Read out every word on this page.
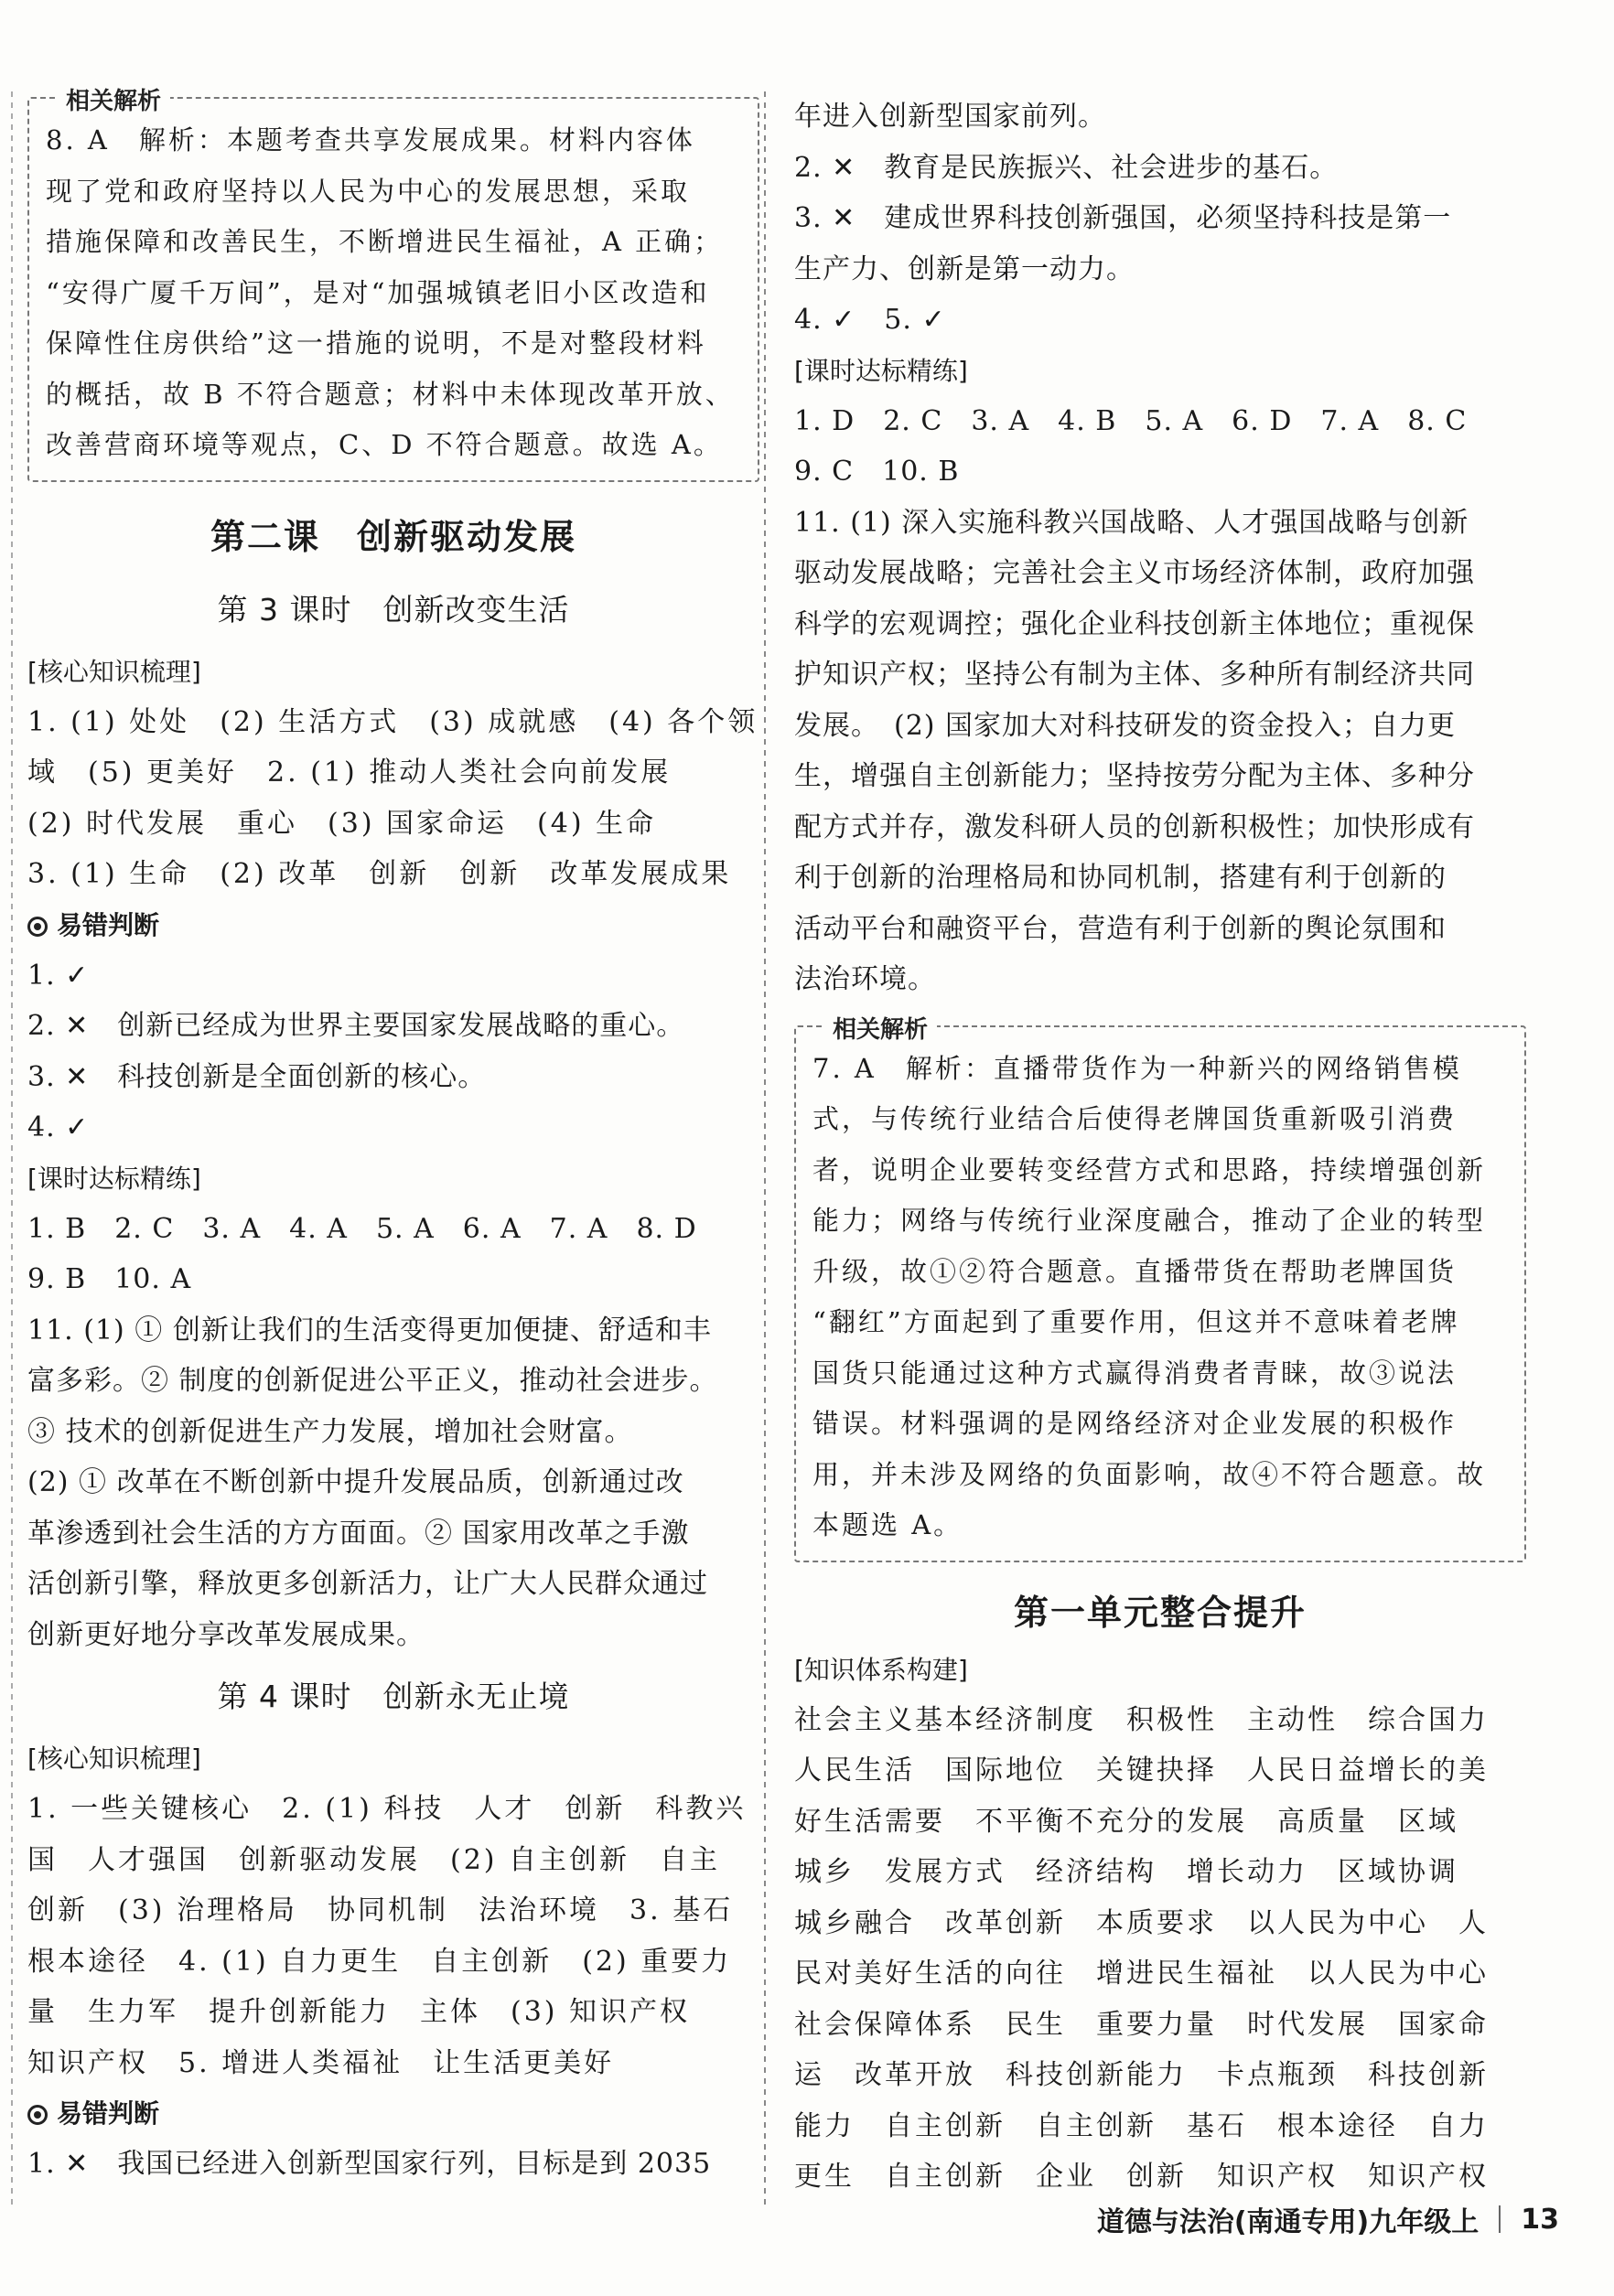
相关解析
8. A　解析：本题考查共享发展成果。材料内容体
现了党和政府坚持以人民为中心的发展思想，采取
措施保障和改善民生，不断增进民生福祉，A 正确；
“安得广厦千万间”，是对“加强城镇老旧小区改造和
保障性住房供给”这一措施的说明，不是对整段材料
的概括，故 B 不符合题意；材料中未体现改革开放、
改善营商环境等观点，C、D 不符合题意。故选 A。
第二课　创新驱动发展
第 3 课时　创新改变生活
[核心知识梳理]
1. (1) 处处　(2) 生活方式　(3) 成就感　(4) 各个领
域　(5) 更美好　2. (1) 推动人类社会向前发展
(2) 时代发展　重心　(3) 国家命运　(4) 生命
3. (1) 生命　(2) 改革　创新　创新　改革发展成果
易错判断
1. ✓
2. ✕　创新已经成为世界主要国家发展战略的重心。
3. ✕　科技创新是全面创新的核心。
4. ✓
[课时达标精练]
1. B　2. C　3. A　4. A　5. A　6. A　7. A　8. D
9. B　10. A
11. (1) ① 创新让我们的生活变得更加便捷、舒适和丰
富多彩。② 制度的创新促进公平正义，推动社会进步。
③ 技术的创新促进生产力发展，增加社会财富。
(2) ① 改革在不断创新中提升发展品质，创新通过改
革渗透到社会生活的方方面面。② 国家用改革之手激
活创新引擎，释放更多创新活力，让广大人民群众通过
创新更好地分享改革发展成果。
第 4 课时　创新永无止境
[核心知识梳理]
1. 一些关键核心　2. (1) 科技　人才　创新　科教兴
国　人才强国　创新驱动发展　(2) 自主创新　自主
创新　(3) 治理格局　协同机制　法治环境　3. 基石
根本途径　4. (1) 自力更生　自主创新　(2) 重要力
量　生力军　提升创新能力　主体　(3) 知识产权
知识产权　5. 增进人类福祉　让生活更美好
易错判断
1. ✕　我国已经进入创新型国家行列，目标是到 2035
年进入创新型国家前列。
2. ✕　教育是民族振兴、社会进步的基石。
3. ✕　建成世界科技创新强国，必须坚持科技是第一
生产力、创新是第一动力。
4. ✓　5. ✓
[课时达标精练]
1. D　2. C　3. A　4. B　5. A　6. D　7. A　8. C
9. C　10. B
11. (1) 深入实施科教兴国战略、人才强国战略与创新
驱动发展战略；完善社会主义市场经济体制，政府加强
科学的宏观调控；强化企业科技创新主体地位；重视保
护知识产权；坚持公有制为主体、多种所有制经济共同
发展。　(2) 国家加大对科技研发的资金投入；自力更
生，增强自主创新能力；坚持按劳分配为主体、多种分
配方式并存，激发科研人员的创新积极性；加快形成有
利于创新的治理格局和协同机制，搭建有利于创新的
活动平台和融资平台，营造有利于创新的舆论氛围和
法治环境。
相关解析
7. A　解析：直播带货作为一种新兴的网络销售模
式，与传统行业结合后使得老牌国货重新吸引消费
者，说明企业要转变经营方式和思路，持续增强创新
能力；网络与传统行业深度融合，推动了企业的转型
升级，故①②符合题意。直播带货在帮助老牌国货
“翻红”方面起到了重要作用，但这并不意味着老牌
国货只能通过这种方式赢得消费者青睐，故③说法
错误。材料强调的是网络经济对企业发展的积极作
用，并未涉及网络的负面影响，故④不符合题意。故
本题选 A。
第一单元整合提升
[知识体系构建]
社会主义基本经济制度　积极性　主动性　综合国力
人民生活　国际地位　关键抉择　人民日益增长的美
好生活需要　不平衡不充分的发展　高质量　区域
城乡　发展方式　经济结构　增长动力　区域协调
城乡融合　改革创新　本质要求　以人民为中心　人
民对美好生活的向往　增进民生福祉　以人民为中心
社会保障体系　民生　重要力量　时代发展　国家命
运　改革开放　科技创新能力　卡点瓶颈　科技创新
能力　自主创新　自主创新　基石　根本途径　自力
更生　自主创新　企业　创新　知识产权　知识产权
道德与法治(南通专用)九年级上 13
